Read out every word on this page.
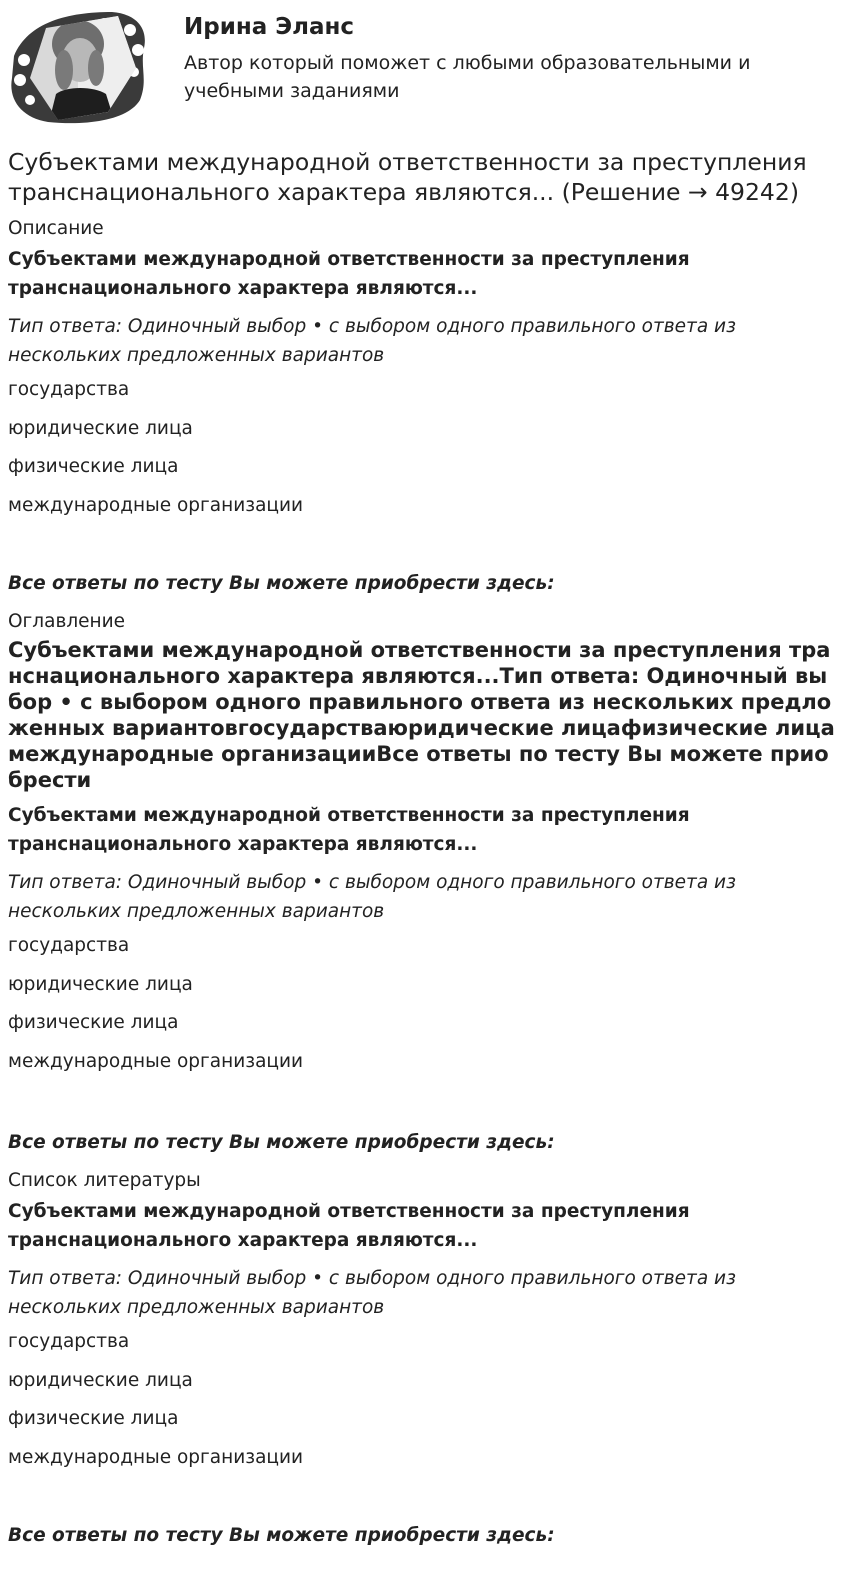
Ирина Эланс
Автор который поможет с любыми образовательными и учебными заданиями
Субъектами международной ответственности за преступления транснационального характера являются... (Решение → 49242)

Описание

Субъектами международной ответственности за преступления транснационального характера являются...

Тип ответа: Одиночный выбор • с выбором одного правильного ответа из нескольких предложенных вариантов

государства
юридические лица
физические лица
международные организации

Все ответы по тесту Вы можете приобрести здесь:

Оглавление

Субъектами международной ответственности за преступления транснационального характера являются...Тип ответа: Одиночный выбор • с выбором одного правильного ответа из нескольких предложенных вариантовгосударстваюридические лицафизические лицамеждународные организацииВсе ответы по тесту Вы можете приобрести

Субъектами международной ответственности за преступления транснационального характера являются...

Тип ответа: Одиночный выбор • с выбором одного правильного ответа из нескольких предложенных вариантов

государства
юридические лица
физические лица
международные организации

Все ответы по тесту Вы можете приобрести здесь:

Список литературы

Субъектами международной ответственности за преступления транснационального характера являются...

Тип ответа: Одиночный выбор • с выбором одного правильного ответа из нескольких предложенных вариантов

государства
юридические лица
физические лица
международные организации

Все ответы по тесту Вы можете приобрести здесь:
